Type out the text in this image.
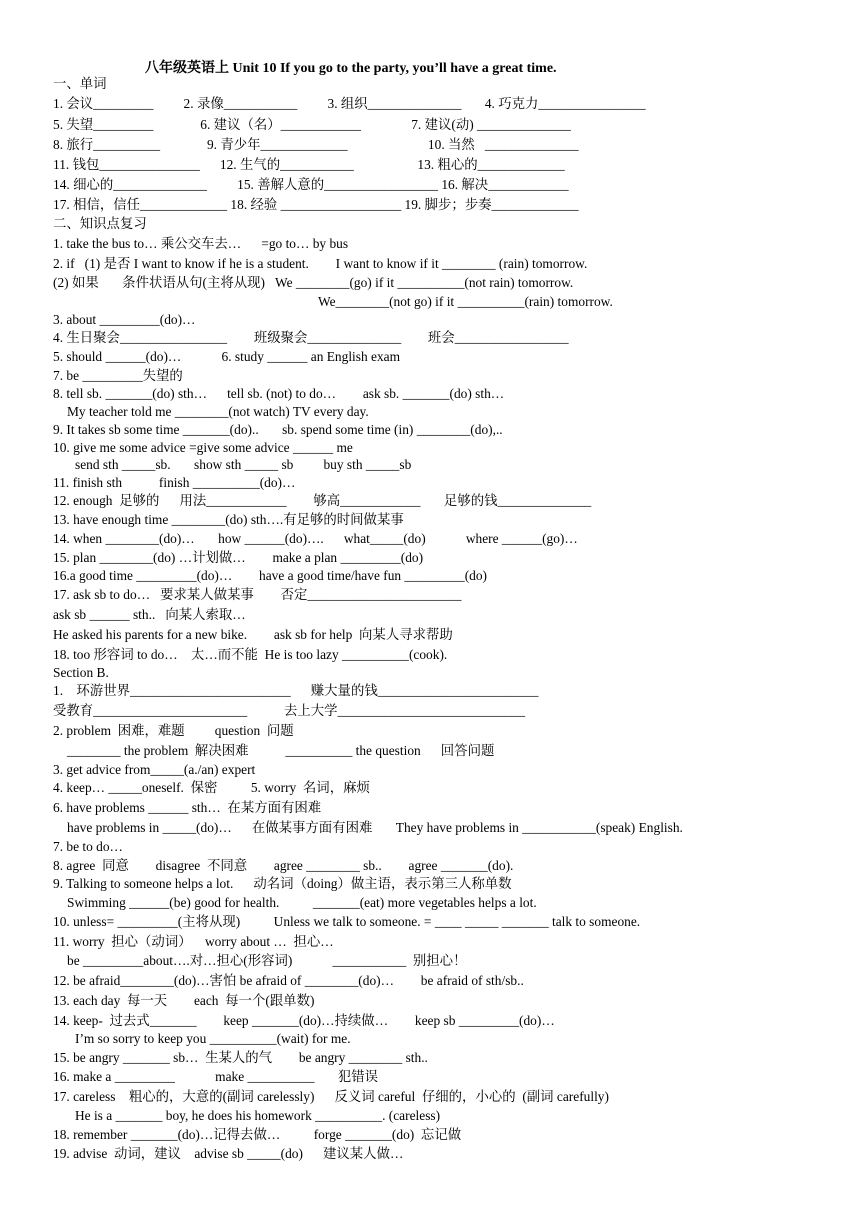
八年级英语上 Unit 10 If you go to the party, you’ll have a great time.
一、单词
1. 会议_________         2. 录像___________         3. 组织______________       4. 巧克力________________
5. 失望_________              6. 建议（名）____________               7. 建议(动) ______________
8. 旅行__________              9. 青少年_____________                        10. 当然   ______________
11. 钱包_______________      12. 生气的___________                   13. 粗心的_____________
14. 细心的______________         15. 善解人意的_________________ 16. 解决____________
17. 相信，信任_____________ 18. 经验 __________________ 19. 脚步；步奏_____________
二、知识点复习
1. take the bus to… 乘公交车去…      =go to… by bus
2. if   (1) 是否 I want to know if he is a student.        I want to know if it ________ (rain) tomorrow.
(2) 如果       条件状语从句(主将从现)   We ________(go) if it __________(not rain) tomorrow.
We________(not go) if it __________(rain) tomorrow.
3. about _________(do)…
4. 生日聚会________________        班级聚会______________        班会_________________
5. should ______(do)…            6. study ______ an English exam
7. be _________失望的
8. tell sb. _______(do) sth…      tell sb. (not) to do…        ask sb. _______(do) sth…
My teacher told me ________(not watch) TV every day.
9. It takes sb some time _______(do)..       sb. spend some time (in) ________(do),..
10. give me some advice =give some advice ______ me
send sth _____sb.       show sth _____ sb         buy sth _____sb
11. finish sth           finish __________(do)…
12. enough  足够的      用法____________        够高____________       足够的钱______________
13. have enough time ________(do) sth….有足够的时间做某事
14. when ________(do)…       how ______(do)….      what_____(do)            where ______(go)…
15. plan ________(do) …计划做…        make a plan _________(do)
16.a good time _________(do)…        have a good time/have fun _________(do)
17. ask sb to do…   要求某人做某事        否定_______________________
ask sb ______ sth..   向某人索取…
He asked his parents for a new bike.        ask sb for help  向某人寻求帮助
18. too 形容词 to do…    太…而不能  He is too lazy __________(cook).
Section B.
1.    环游世界________________________      赚大量的钱________________________
受教育_______________________           去上大学____________________________
2. problem  困难，难题         question  问题
________ the problem  解决困难           __________ the question      回答问题
3. get advice from_____(a./an) expert
4. keep… _____oneself.  保密          5. worry  名词，麻烦
6. have problems ______ sth…  在某方面有困难
have problems in _____(do)…      在做某事方面有困难       They have problems in ___________(speak) English.
7. be to do…
8. agree  同意        disagree  不同意        agree ________ sb..        agree _______(do).
9. Talking to someone helps a lot.      动名词（doing）做主语，表示第三人称单数
Swimming ______(be) good for health.          _______(eat) more vegetables helps a lot.
10. unless= _________(主将从现)          Unless we talk to someone. = ____ _____ _______ talk to someone.
11. worry  担心（动词）    worry about …  担心…
be _________about….对…担心(形容词)            ___________  别担心！
12. be afraid________(do)…害怕 be afraid of ________(do)…        be afraid of sth/sb..
13. each day  每一天        each  每一个(跟单数)
14. keep-  过去式_______        keep _______(do)…持续做…        keep sb _________(do)…
I’m so sorry to keep you __________(wait) for me.
15. be angry _______ sb…  生某人的气        be angry ________ sth..
16. make a _________            make __________       犯错误
17. careless    粗心的，大意的(副词 carelessly)      反义词 careful  仔细的，小心的  (副词 carefully)
He is a _______ boy, he does his homework __________. (careless)
18. remember _______(do)…记得去做…          forge _______(do)  忘记做
19. advise  动词，建议    advise sb _____(do)      建议某人做…
